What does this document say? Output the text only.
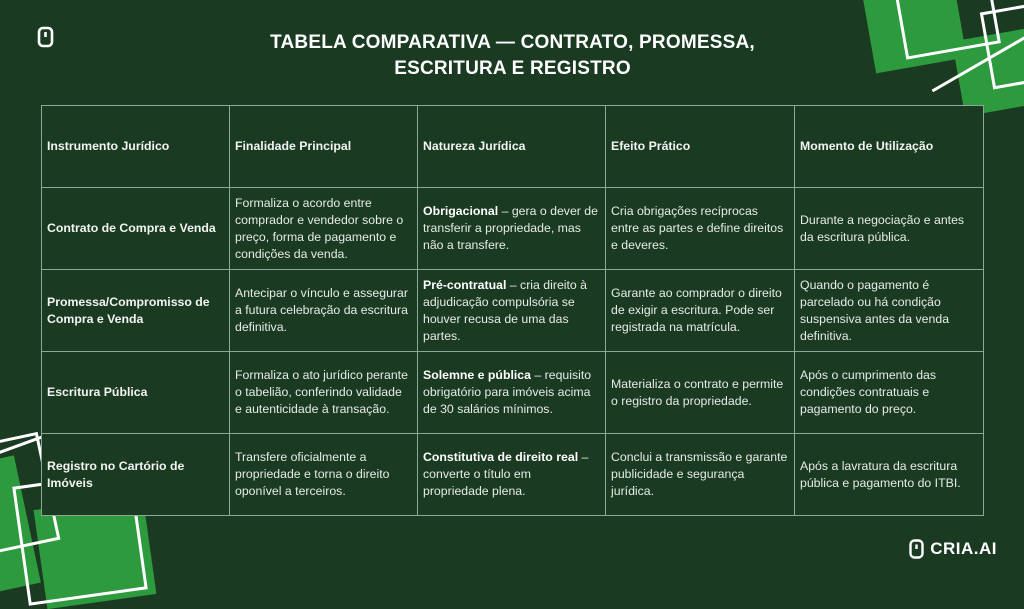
TABELA COMPARATIVA — CONTRATO, PROMESSA,
ESCRITURA E REGISTRO
Instrumento Jurídico	Finalidade Principal	Natureza Jurídica	Efeito Prático	Momento de Utilização
Contrato de Compra e Venda	Formaliza o acordo entre comprador e vendedor sobre o preço, forma de pagamento e condições da venda.	Obrigacional – gera o dever de transferir a propriedade, mas não a transfere.	Cria obrigações recíprocas entre as partes e define direitos e deveres.	Durante a negociação e antes da escritura pública.
Promessa/Compromisso de Compra e Venda	Antecipar o vínculo e assegurar a futura celebração da escritura definitiva.	Pré-contratual – cria direito à adjudicação compulsória se houver recusa de uma das partes.	Garante ao comprador o direito de exigir a escritura. Pode ser registrada na matrícula.	Quando o pagamento é parcelado ou há condição suspensiva antes da venda definitiva.
Escritura Pública	Formaliza o ato jurídico perante o tabelião, conferindo validade e autenticidade à transação.	Solemne e pública – requisito obrigatório para imóveis acima de 30 salários mínimos.	Materializa o contrato e permite o registro da propriedade.	Após o cumprimento das condições contratuais e pagamento do preço.
Registro no Cartório de Imóveis	Transfere oficialmente a propriedade e torna o direito oponível a terceiros.	Constitutiva de direito real – converte o título em propriedade plena.	Conclui a transmissão e garante publicidade e segurança jurídica.	Após a lavratura da escritura pública e pagamento do ITBI.
CRIA.AI
